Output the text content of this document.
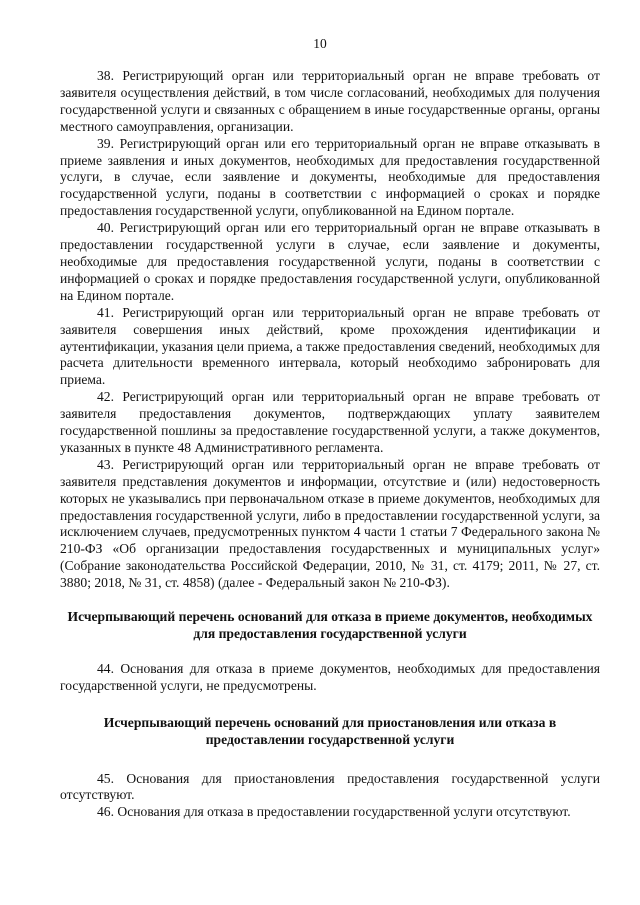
10

38. Регистрирующий орган или территориальный орган не вправе требовать от заявителя осуществления действий, в том числе согласований, необходимых для получения государственной услуги и связанных с обращением в иные государственные органы, органы местного самоуправления, организации.

39. Регистрирующий орган или его территориальный орган не вправе отказывать в приеме заявления и иных документов, необходимых для предоставления государственной услуги, в случае, если заявление и документы, необходимые для предоставления государственной услуги, поданы в соответствии с информацией о сроках и порядке предоставления государственной услуги, опубликованной на Едином портале.

40. Регистрирующий орган или его территориальный орган не вправе отказывать в предоставлении государственной услуги в случае, если заявление и документы, необходимые для предоставления государственной услуги, поданы в соответствии с информацией о сроках и порядке предоставления государственной услуги, опубликованной на Едином портале.

41. Регистрирующий орган или территориальный орган не вправе требовать от заявителя совершения иных действий, кроме прохождения идентификации и аутентификации, указания цели приема, а также предоставления сведений, необходимых для расчета длительности временного интервала, который необходимо забронировать для приема.

42. Регистрирующий орган или территориальный орган не вправе требовать от заявителя предоставления документов, подтверждающих уплату заявителем государственной пошлины за предоставление государственной услуги, а также документов, указанных в пункте 48 Административного регламента.

43. Регистрирующий орган или территориальный орган не вправе требовать от заявителя представления документов и информации, отсутствие и (или) недостоверность которых не указывались при первоначальном отказе в приеме документов, необходимых для предоставления государственной услуги, либо в предоставлении государственной услуги, за исключением случаев, предусмотренных пунктом 4 части 1 статьи 7 Федерального закона № 210-ФЗ «Об организации предоставления государственных и муниципальных услуг» (Собрание законодательства Российской Федерации, 2010, № 31, ст. 4179; 2011, № 27, ст. 3880; 2018, № 31, ст. 4858) (далее - Федеральный закон № 210-ФЗ).

Исчерпывающий перечень оснований для отказа в приеме документов, необходимых для предоставления государственной услуги

44. Основания для отказа в приеме документов, необходимых для предоставления государственной услуги, не предусмотрены.

Исчерпывающий перечень оснований для приостановления или отказа в предоставлении государственной услуги

45. Основания для приостановления предоставления государственной услуги отсутствуют.

46. Основания для отказа в предоставлении государственной услуги отсутствуют.
